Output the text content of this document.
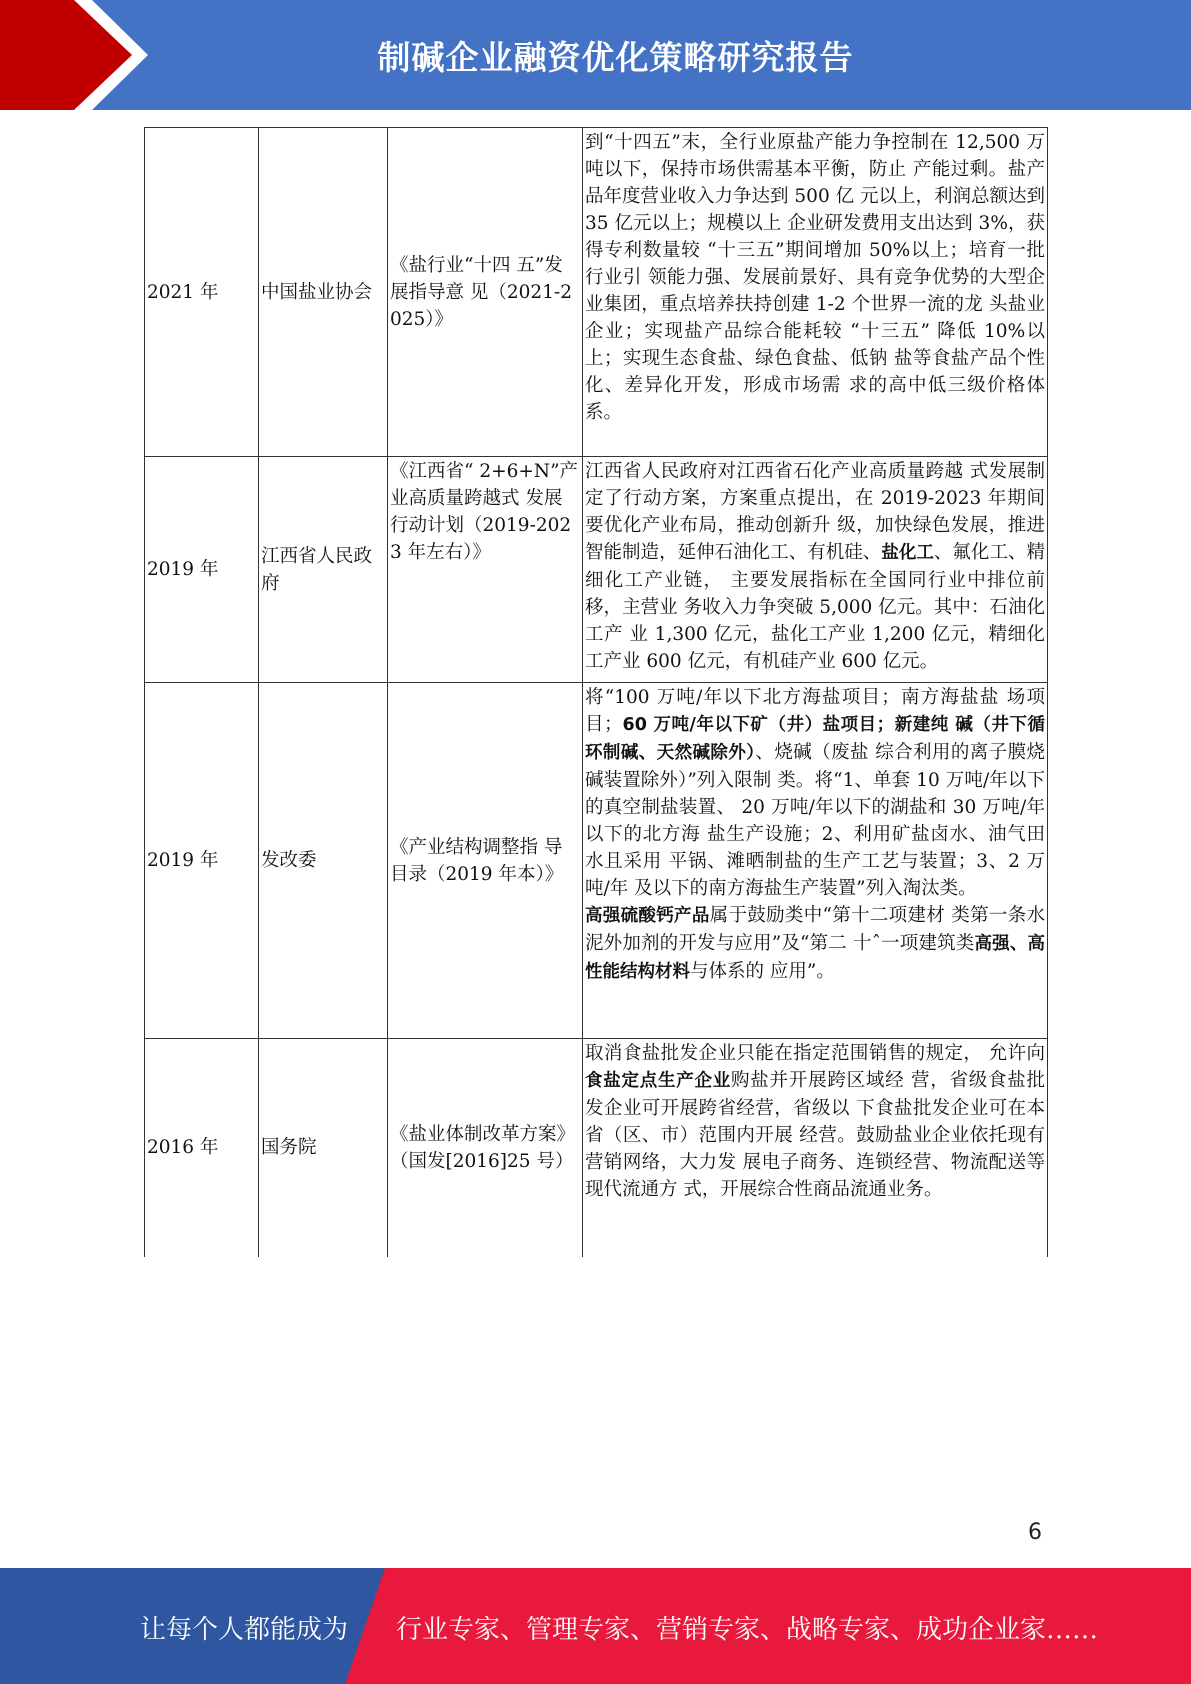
制碱企业融资优化策略研究报告
2021 年	中国盐业协会	《盐行业“十四 五”发展指导意 见（2021-2025）》	到“十四五”末，全行业原盐产能力争控制在 12,500 万吨以下，保持市场供需基本平衡，防止 产能过剩。盐产品年度营业收入力争达到 500 亿 元以上，利润总额达到 35 亿元以上；规模以上 企业研发费用支出达到 3%，获得专利数量较 “十三五”期间增加 50%以上；培育一批行业引 领能力强、发展前景好、具有竞争优势的大型企 业集团，重点培养扶持创建 1-2 个世界一流的龙 头盐业企业；实现盐产品综合能耗较 “十三五” 降低 10%以上；实现生态食盐、绿色食盐、低钠 盐等食盐产品个性化、差异化开发，形成市场需 求的高中低三级价格体系。
2019 年	江西省人民政府	《江西省“ 2+6+N”产业高质量跨越式 发展行动计划（2019-2023 年左右）》	江西省人民政府对江西省石化产业高质量跨越 式发展制定了行动方案，方案重点提出，在 2019-2023 年期间要优化产业布局，推动创新升 级，加快绿色发展，推进智能制造，延伸石油化工、有机硅、盐化工、氟化工、精细化工产业链， 主要发展指标在全国同行业中排位前移，主营业 务收入力争突破 5,000 亿元。其中：石油化工产 业 1,300 亿元，盐化工产业 1,200 亿元，精细化 工产业 600 亿元，有机硅产业 600 亿元。
2019 年	发改委	《产业结构调整指 导目录（2019 年本）》	将“100 万吨/年以下北方海盐项目；南方海盐盐 场项目；60 万吨/年以下矿（井）盐项目；新建纯 碱（井下循环制碱、天然碱除外）、烧碱（废盐 综合利用的离子膜烧碱装置除外）”列入限制 类。将“1、单套 10 万吨/年以下的真空制盐装置、 20 万吨/年以下的湖盐和 30 万吨/年以下的北方海 盐生产设施；2、利用矿盐卤水、油气田水且采用 平锅、滩晒制盐的生产工艺与装置；3、2 万吨/年 及以下的南方海盐生产装置”列入淘汰类。
高强硫酸钙产品属于鼓励类中“第十二项建材 类第一条水泥外加剂的开发与应用”及“第二 十ˆ一项建筑类高强、高性能结构材料与体系的 应用”。
2016 年	国务院	《盐业体制改革方案》（国发[2016]25 号）	取消食盐批发企业只能在指定范围销售的规定， 允许向食盐定点生产企业购盐并开展跨区域经 营，省级食盐批发企业可开展跨省经营，省级以 下食盐批发企业可在本省（区、市）范围内开展 经营。鼓励盐业企业依托现有营销网络，大力发 展电子商务、连锁经营、物流配送等现代流通方 式，开展综合性商品流通业务。
6
让每个人都能成为 行业专家、管理专家、营销专家、战略专家、成功企业家……
